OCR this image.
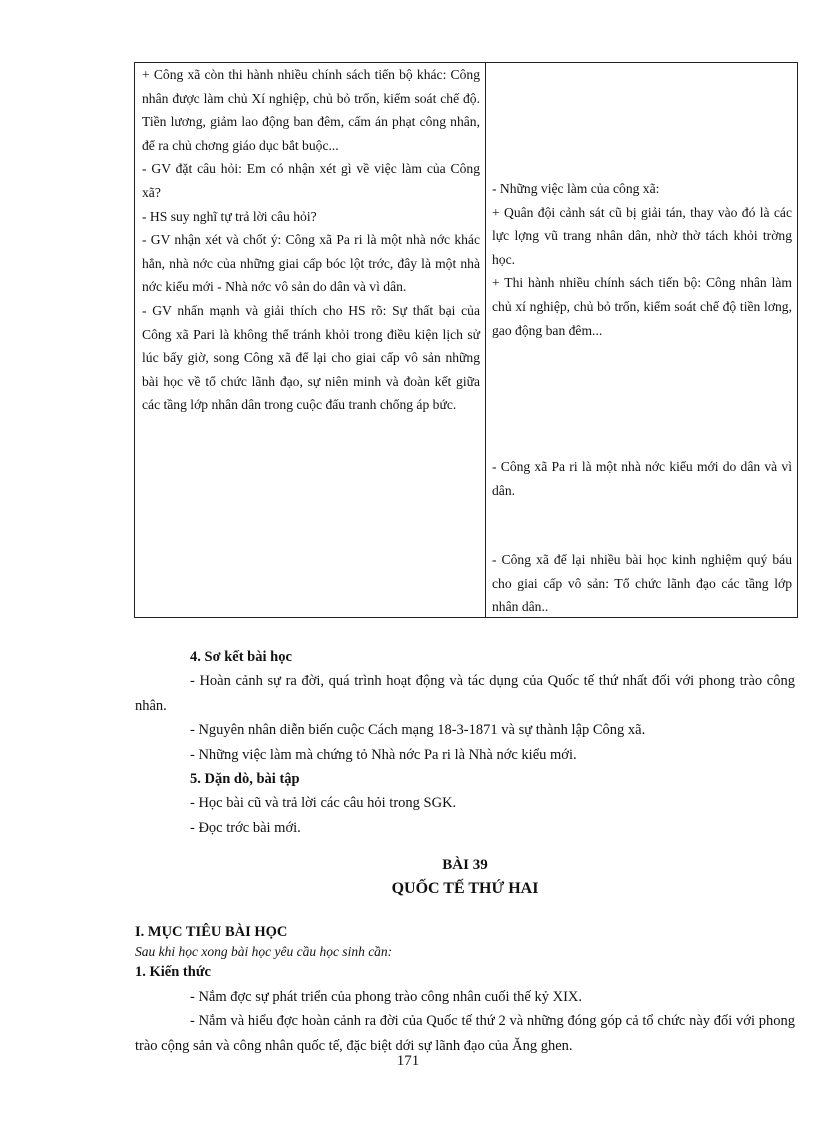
+ Công xã còn thi hành nhiều chính sách tiến bộ khác: Công nhân được làm chủ Xí nghiệp, chủ bỏ trốn, kiểm soát chế độ. Tiền lương, giảm lao động ban đêm, cấm án phạt công nhân, để ra chủ chơng giáo dục bắt buộc...
- GV đặt câu hỏi: Em có nhận xét gì về việc làm của Công xã?
- HS suy nghĩ tự trả lời câu hỏi?
- GV nhận xét và chốt ý: Công xã Pa ri là một nhà nớc khác hẳn, nhà nớc của những giai cấp bóc lột trớc, đây là một nhà nớc kiểu mới - Nhà nớc vô sản do dân và vì dân.
- GV nhấn mạnh và giải thích cho HS rõ: Sự thất bại của Công xã Pari là không thể tránh khỏi trong điều kiện lịch sử lúc bấy giờ, song Công xã để lại cho giai cấp vô sản những bài học về tổ chức lãnh đạo, sự niên minh và đoàn kết giữa các tầng lớp nhân dân trong cuộc đấu tranh chống áp bức.
- Những việc làm của công xã:
+ Quân đội cảnh sát cũ bị giải tán, thay vào đó là các lực lợng vũ trang nhân dân, nhờ thờ tách khỏi trờng học.
+ Thi hành nhiều chính sách tiến bộ: Công nhân làm chủ xí nghiệp, chủ bỏ trốn, kiểm soát chế độ tiền lơng, gao động ban đêm...
- Công xã Pa ri là một nhà nớc kiểu mới do dân và vì dân.
- Công xã để lại nhiều bài học kinh nghiệm quý báu cho giai cấp vô sản: Tổ chức lãnh đạo các tầng lớp nhân dân..
4. Sơ kết bài học
- Hoàn cảnh sự ra đời, quá trình hoạt động và tác dụng của Quốc tế thứ nhất đối với phong trào công nhân.
- Nguyên nhân diễn biến cuộc Cách mạng 18-3-1871 và sự thành lập Công xã.
- Những việc làm mà chứng tỏ Nhà nớc Pa ri là Nhà nớc kiểu mới.
5. Dặn dò, bài tập
- Học bài cũ và trả lời các câu hỏi trong SGK.
- Đọc trớc bài mới.
BÀI 39
QUỐC TẾ THỨ HAI
I. MỤC TIÊU BÀI HỌC
Sau khi học xong bài học yêu cầu học sinh cần:
1. Kiến thức
- Nắm đợc sự phát triển của phong trào công nhân cuối thế kỷ XIX.
- Nắm và hiểu đợc hoàn cảnh ra đời của Quốc tế thứ 2 và những đóng góp cả tổ chức này đối với phong trào cộng sản và công nhân quốc tế, đặc biệt dới sự lãnh đạo của Ăng ghen.
171
